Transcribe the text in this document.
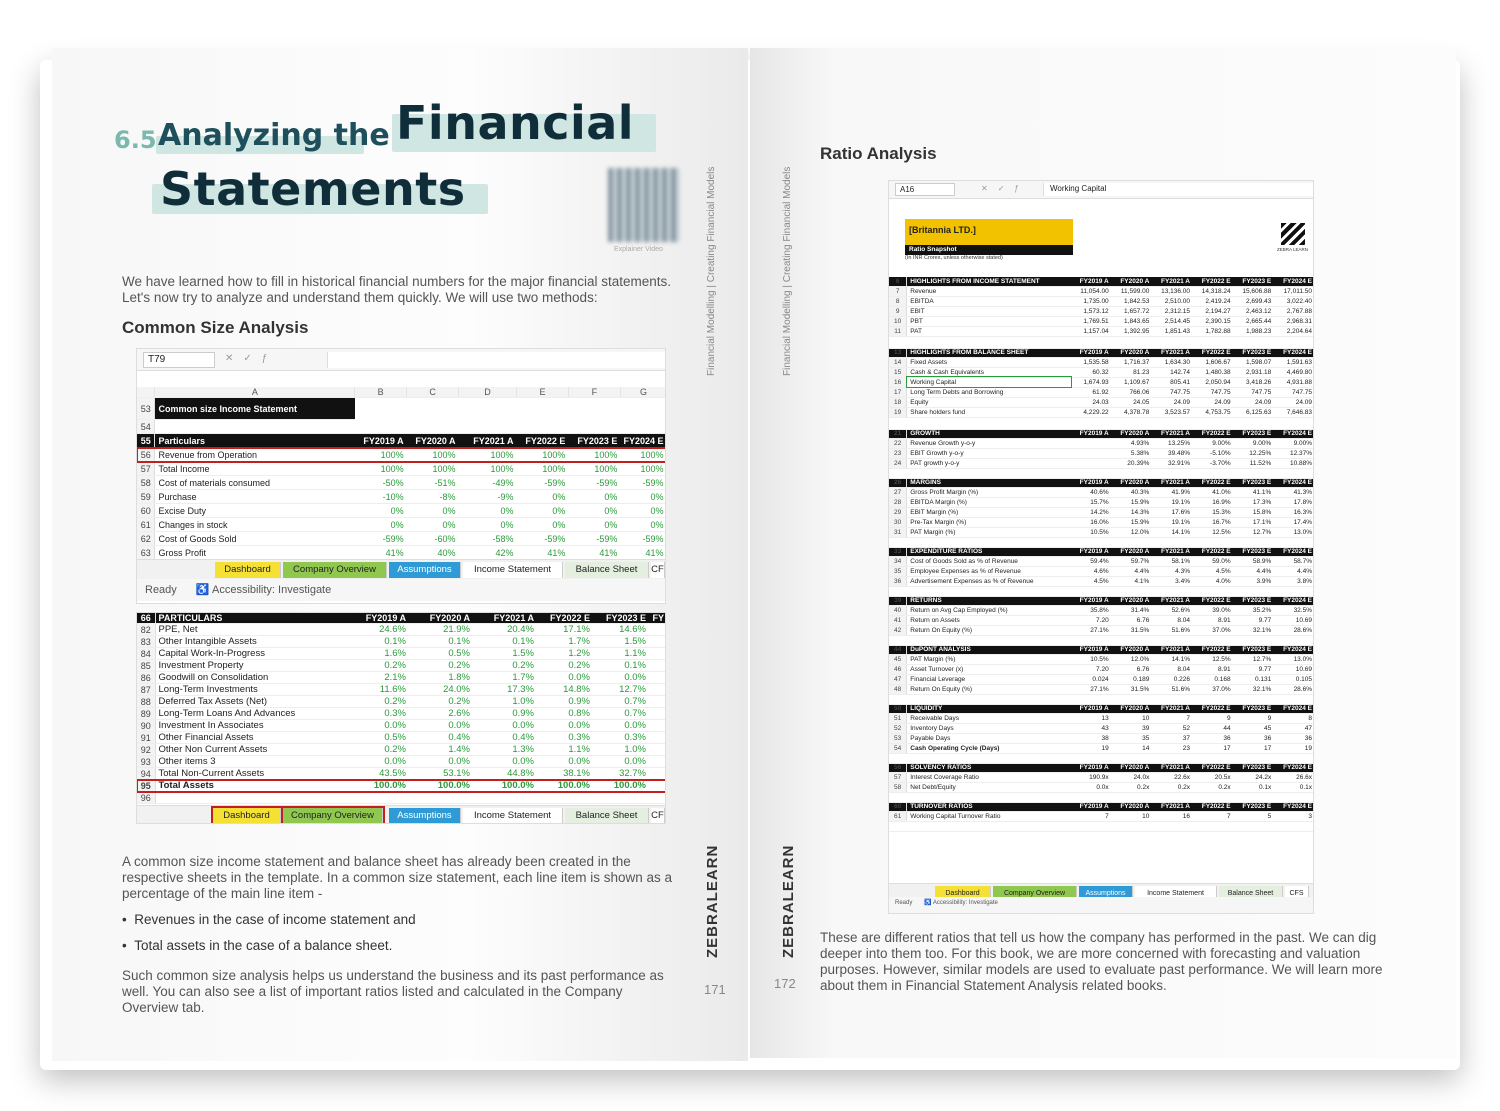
6.5 Analyzing the Financial
Statements
Explainer Video
We have learned how to fill in historical financial numbers for the major financial statements. Let's now try to analyze and understand them quickly. We will use two methods:
Common Size Analysis
T79	✕✓ƒ
	A	B	C	D	E	F	G
53	Common size Income Statement						
54							
55	Particulars	FY2019 A	FY2020 A	FY2021 A	FY2022 E	FY2023 E	FY2024 E
56	Revenue from Operation	100%	100%	100%	100%	100%	100%
57	Total Income	100%	100%	100%	100%	100%	100%
58	Cost of materials consumed	-50%	-51%	-49%	-59%	-59%	-59%
59	Purchase	-10%	-8%	-9%	0%	0%	0%
60	Excise Duty	0%	0%	0%	0%	0%	0%
61	Changes in stock	0%	0%	0%	0%	0%	0%
62	Cost of Goods Sold	-59%	-60%	-58%	-59%	-59%	-59%
63	Gross Profit	41%	40%	42%	41%	41%	41%
Dashboard	Company Overview	Assumptions	Income Statement	Balance Sheet	CF
Ready ♿ Accessibility: Investigate
66	PARTICULARS	FY2019 A	FY2020 A	FY2021 A	FY2022 E	FY2023 E	FY
82	PPE, Net	24.6%	21.9%	20.4%	17.1%	14.6%	
83	Other Intangible Assets	0.1%	0.1%	0.1%	1.7%	1.5%	
84	Capital Work-In-Progress	1.6%	0.5%	1.5%	1.2%	1.1%	
85	Investment Property	0.2%	0.2%	0.2%	0.2%	0.1%	
86	Goodwill on Consolidation	2.1%	1.8%	1.7%	0.0%	0.0%	
87	Long-Term Investments	11.6%	24.0%	17.3%	14.8%	12.7%	
88	Deferred Tax Assets (Net)	0.2%	0.2%	1.0%	0.9%	0.7%	
89	Long-Term Loans And Advances	0.3%	2.6%	0.9%	0.8%	0.7%	
90	Investment In Associates	0.0%	0.0%	0.0%	0.0%	0.0%	
91	Other Financial Assets	0.5%	0.4%	0.4%	0.3%	0.3%	
92	Other Non Current Assets	0.2%	1.4%	1.3%	1.1%	1.0%	
93	Other items 3	0.0%	0.0%	0.0%	0.0%	0.0%	
94	Total Non-Current Assets	43.5%	53.1%	44.8%	38.1%	32.7%	
95	Total Assets	100.0%	100.0%	100.0%	100.0%	100.0%	
96							
Dashboard	Company Overview	Assumptions	Income Statement	Balance Sheet	CF
A common size income statement and balance sheet has already been created in the respective sheets in the template. In a common size statement, each line item is shown as a percentage of the main line item -
•  Revenues in the case of income statement and
•  Total assets in the case of a balance sheet.
Such common size analysis helps us understand the business and its past performance as well. You can also see a list of important ratios listed and calculated in the Company Overview tab.
Financial Modelling | Creating Financial Models
ZEBRALEARN
171
Financial Modelling | Creating Financial Models
ZEBRALEARN
172
Ratio Analysis
A16	✕✓ƒ	Working Capital
[Britannia LTD.]
Ratio Snapshot
(In INR Crores, unless otherwise stated)
ZEBRA LEARN
6	HIGHLIGHTS FROM INCOME STATEMENT	FY2019 A	FY2020 A	FY2021 A	FY2022 E	FY2023 E	FY2024 E
7	Revenue	11,054.00	11,599.00	13,136.00	14,318.24	15,606.88	17,011.50
8	EBITDA	1,735.00	1,842.53	2,510.00	2,419.24	2,699.43	3,022.40
9	EBIT	1,573.12	1,657.72	2,312.15	2,194.27	2,463.12	2,767.88
10	PBT	1,769.51	1,843.65	2,514.45	2,390.15	2,665.44	2,968.31
11	PAT	1,157.04	1,392.95	1,851.43	1,782.88	1,988.23	2,204.64

13	HIGHLIGHTS FROM BALANCE SHEET	FY2019 A	FY2020 A	FY2021 A	FY2022 E	FY2023 E	FY2024 E
14	Fixed Assets	1,535.58	1,716.37	1,634.30	1,606.67	1,598.07	1,591.63
15	Cash & Cash Equivalents	60.32	81.23	142.74	1,480.38	2,931.18	4,469.80
16	Working Capital	1,674.93	1,109.67	805.41	2,050.94	3,418.26	4,931.88
17	Long Term Debts and Borrowing	61.92	766.06	747.75	747.75	747.75	747.75
18	Equity	24.03	24.05	24.09	24.09	24.09	24.09
19	Share holders fund	4,229.22	4,378.78	3,523.57	4,753.75	6,125.63	7,646.83

21	GROWTH	FY2019 A	FY2020 A	FY2021 A	FY2022 E	FY2023 E	FY2024 E
22	Revenue Growth y-o-y		4.93%	13.25%	9.00%	9.00%	9.00%
23	EBIT Growth y-o-y		5.38%	39.48%	-5.10%	12.25%	12.37%
24	PAT growth y-o-y		20.39%	32.91%	-3.70%	11.52%	10.88%

26	MARGINS	FY2019 A	FY2020 A	FY2021 A	FY2022 E	FY2023 E	FY2024 E
27	Gross Profit Margin (%)	40.6%	40.3%	41.9%	41.0%	41.1%	41.3%
28	EBITDA Margin (%)	15.7%	15.9%	19.1%	16.9%	17.3%	17.8%
29	EBIT Margin (%)	14.2%	14.3%	17.6%	15.3%	15.8%	16.3%
30	Pre-Tax Margin (%)	16.0%	15.9%	19.1%	16.7%	17.1%	17.4%
31	PAT Margin (%)	10.5%	12.0%	14.1%	12.5%	12.7%	13.0%

33	EXPENDITURE RATIOS	FY2019 A	FY2020 A	FY2021 A	FY2022 E	FY2023 E	FY2024 E
34	Cost of Goods Sold as % of Revenue	59.4%	59.7%	58.1%	59.0%	58.9%	58.7%
35	Employee Expenses as % of Revenue	4.6%	4.4%	4.3%	4.5%	4.4%	4.4%
36	Advertisement Expenses as % of Revenue	4.5%	4.1%	3.4%	4.0%	3.9%	3.8%

39	RETURNS	FY2019 A	FY2020 A	FY2021 A	FY2022 E	FY2023 E	FY2024 E
40	Return on Avg Cap Employed (%)	35.8%	31.4%	52.6%	39.0%	35.2%	32.5%
41	Return on Assets	7.20	6.76	8.04	8.91	9.77	10.69
42	Return On Equity (%)	27.1%	31.5%	51.6%	37.0%	32.1%	28.6%

44	DuPONT ANALYSIS	FY2019 A	FY2020 A	FY2021 A	FY2022 E	FY2023 E	FY2024 E
45	PAT Margin (%)	10.5%	12.0%	14.1%	12.5%	12.7%	13.0%
46	Asset Turnover (x)	7.20	6.76	8.04	8.91	9.77	10.69
47	Financial Leverage	0.024	0.189	0.226	0.168	0.131	0.105
48	Return On Equity (%)	27.1%	31.5%	51.6%	37.0%	32.1%	28.6%

50	LIQUIDITY	FY2019 A	FY2020 A	FY2021 A	FY2022 E	FY2023 E	FY2024 E
51	Receivable Days	13	10	7	9	9	8
52	Inventory Days	43	39	52	44	45	47
53	Payable Days	38	35	37	36	36	36
54	Cash Operating Cycle (Days)	19	14	23	17	17	19

56	SOLVENCY RATIOS	FY2019 A	FY2020 A	FY2021 A	FY2022 E	FY2023 E	FY2024 E
57	Interest Coverage Ratio	190.9x	24.0x	22.6x	20.5x	24.2x	26.6x
58	Net Debt/Equity	0.0x	0.2x	0.2x	0.2x	0.1x	0.1x

60	TURNOVER RATIOS	FY2019 A	FY2020 A	FY2021 A	FY2022 E	FY2023 E	FY2024 E
61	Working Capital Turnover Ratio	7	10	16	7	5	3

Dashboard	Company Overview	Assumptions	Income Statement	Balance Sheet	CFS
Ready ♿ Accessibility: Investigate
These are different ratios that tell us how the company has performed in the past. We can dig deeper into them too. For this book, we are more concerned with forecasting and valuation purposes. However, similar models are used to evaluate past performance. We will learn more about them in Financial Statement Analysis related books.
